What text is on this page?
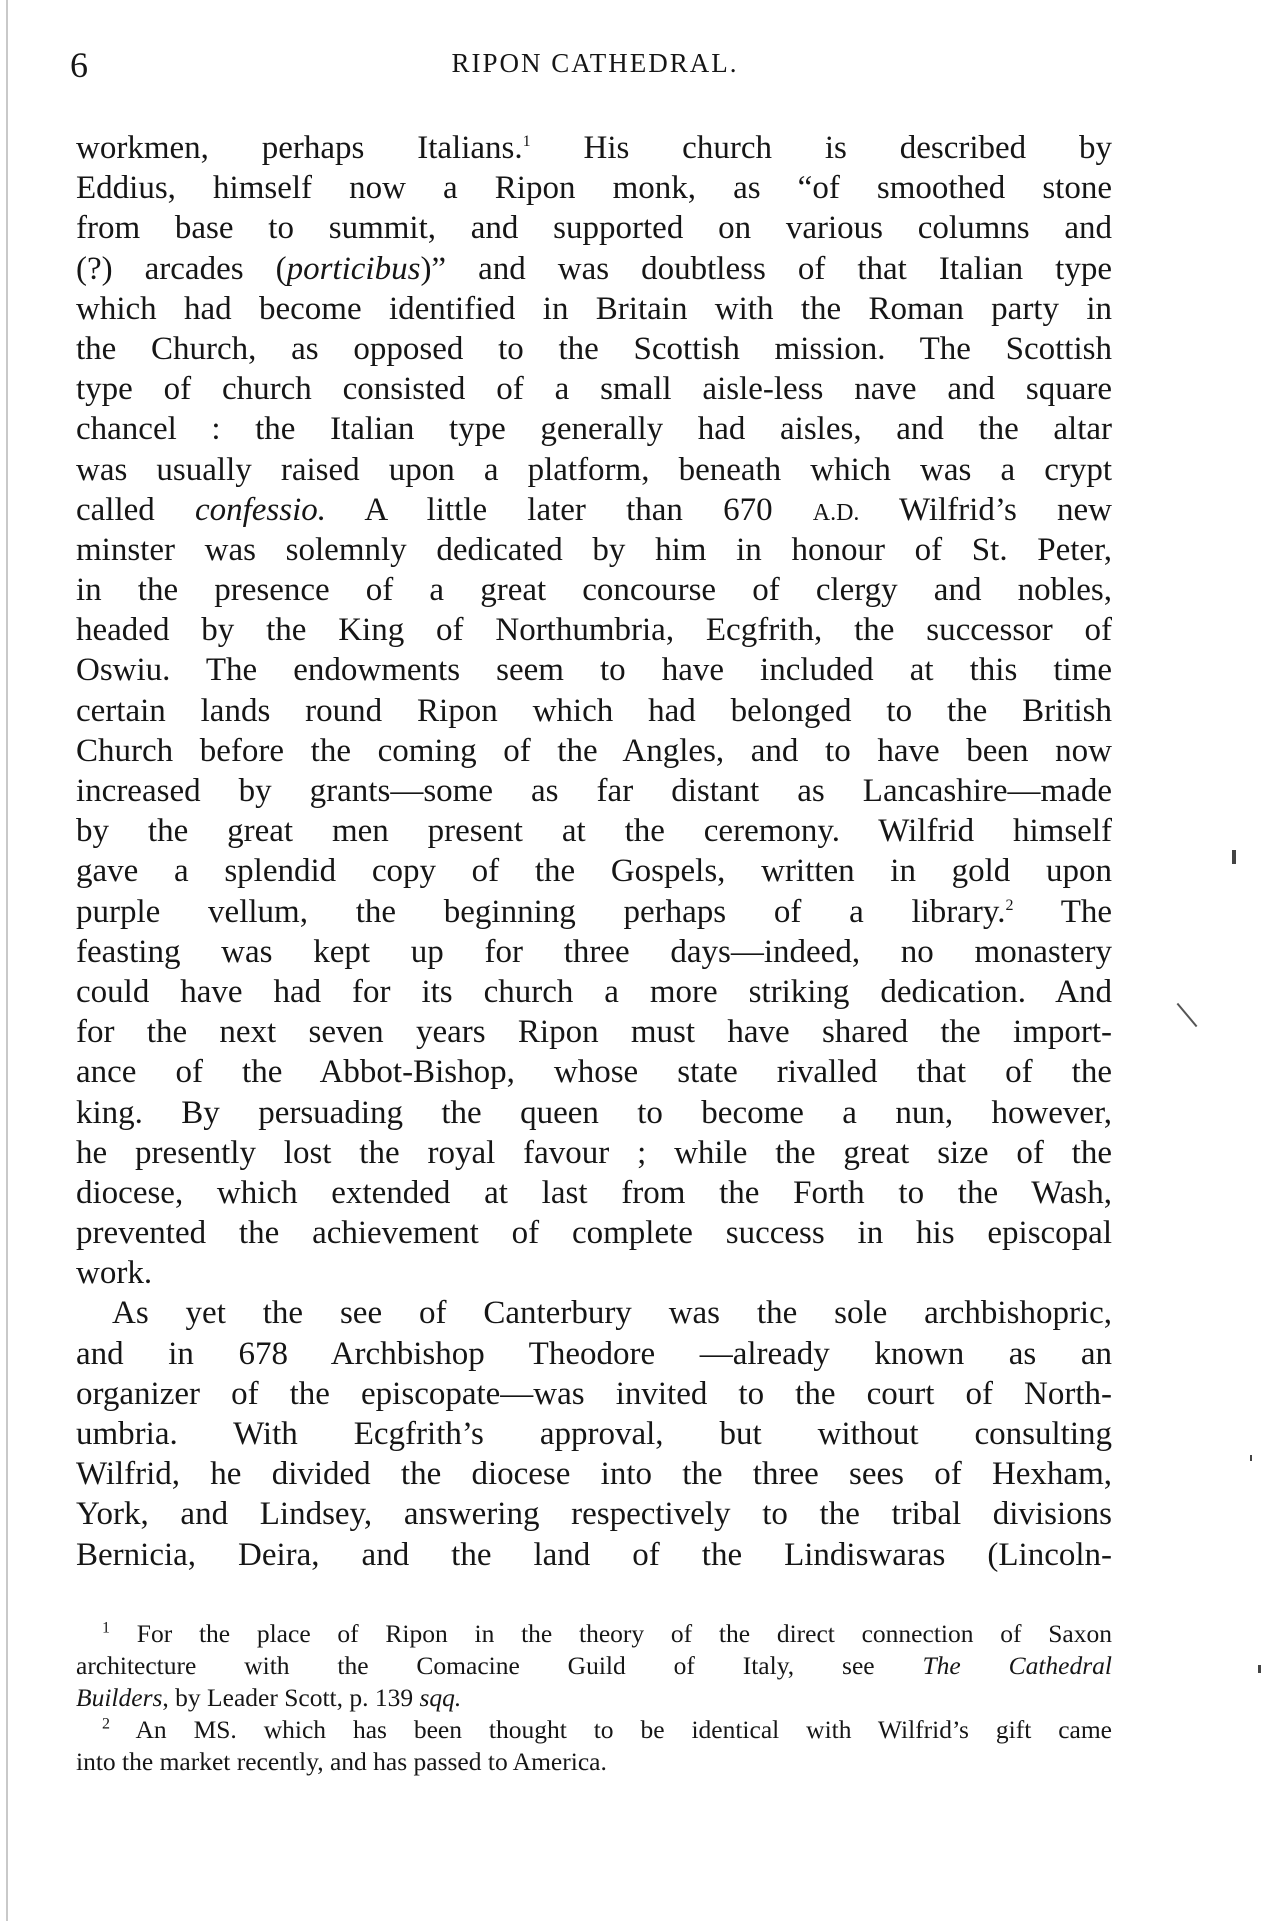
6	RIPON CATHEDRAL.
workmen, perhaps Italians.$^1$ His church is described by
Eddius, himself now a Ripon monk, as “of smoothed stone
from base to summit, and supported on various columns and
(?) arcades (porticibus)” and was doubtless of that Italian type
which had become identified in Britain with the Roman party in
the Church, as opposed to the Scottish mission. The Scottish
type of church consisted of a small aisle-less nave and square
chancel : the Italian type generally had aisles, and the altar
was usually raised upon a platform, beneath which was a crypt
called confessio. A little later than 670 A.D. Wilfrid’s new
minster was solemnly dedicated by him in honour of St. Peter,
in the presence of a great concourse of clergy and nobles,
headed by the King of Northumbria, Ecgfrith, the successor of
Oswiu. The endowments seem to have included at this time
certain lands round Ripon which had belonged to the British
Church before the coming of the Angles, and to have been now
increased by grants—some as far distant as Lancashire—made
by the great men present at the ceremony. Wilfrid himself
gave a splendid copy of the Gospels, written in gold upon
purple vellum, the beginning perhaps of a library.$^2$ The
feasting was kept up for three days—indeed, no monastery
could have had for its church a more striking dedication. And
for the next seven years Ripon must have shared the import-
ance of the Abbot-Bishop, whose state rivalled that of the
king. By persuading the queen to become a nun, however,
he presently lost the royal favour ; while the great size of the
diocese, which extended at last from the Forth to the Wash,
prevented the achievement of complete success in his episcopal
work.
As yet the see of Canterbury was the sole archbishopric,
and in 678 Archbishop Theodore —already known as an
organizer of the episcopate—was invited to the court of North-
umbria. With Ecgfrith’s approval, but without consulting
Wilfrid, he divided the diocese into the three sees of Hexham,
York, and Lindsey, answering respectively to the tribal divisions
Bernicia, Deira, and the land of the Lindiswaras (Lincoln-
$^1$ For the place of Ripon in the theory of the direct connection of Saxon
architecture with the Comacine Guild of Italy, see The Cathedral
Builders, by Leader Scott, p. 139 sqq.
$^2$ An MS. which has been thought to be identical with Wilfrid’s gift came
into the market recently, and has passed to America.
